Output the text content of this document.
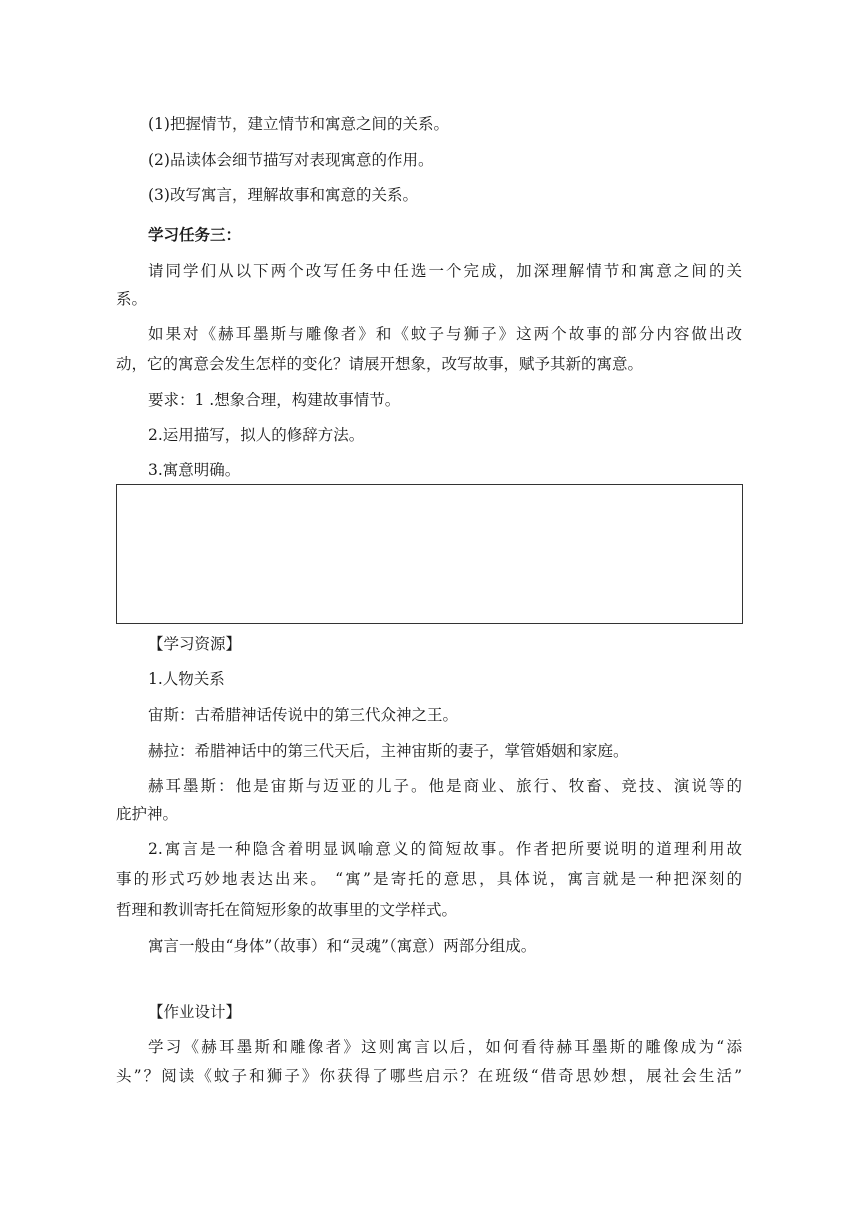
(1)把握情节，建立情节和寓意之间的关系。
(2)品读体会细节描写对表现寓意的作用。
(3)改写寓言，理解故事和寓意的关系。
学习任务三：
请同学们从以下两个改写任务中任选一个完成，加深理解情节和寓意之间的关
系。
如果对《赫耳墨斯与雕像者》和《蚊子与狮子》这两个故事的部分内容做出改
动，它的寓意会发生怎样的变化？请展开想象，改写故事，赋予其新的寓意。
要求：1 .想象合理，构建故事情节。
2.运用描写，拟人的修辞方法。
3.寓意明确。
【学习资源】
1.人物关系
宙斯：古希腊神话传说中的第三代众神之王。
赫拉：希腊神话中的第三代天后，主神宙斯的妻子，掌管婚姻和家庭。
赫耳墨斯：他是宙斯与迈亚的儿子。他是商业、旅行、牧畜、竞技、演说等的
庇护神。
2.寓言是一种隐含着明显讽喻意义的简短故事。作者把所要说明的道理利用故
事的形式巧妙地表达出来。 “寓”是寄托的意思，具体说，寓言就是一种把深刻的
哲理和教训寄托在简短形象的故事里的文学样式。
寓言一般由“身体”（故事）和“灵魂”（寓意）两部分组成。
【作业设计】
学习《赫耳墨斯和雕像者》这则寓言以后，如何看待赫耳墨斯的雕像成为“添
头”？阅读《蚊子和狮子》你获得了哪些启示？在班级“借奇思妙想，展社会生活”
